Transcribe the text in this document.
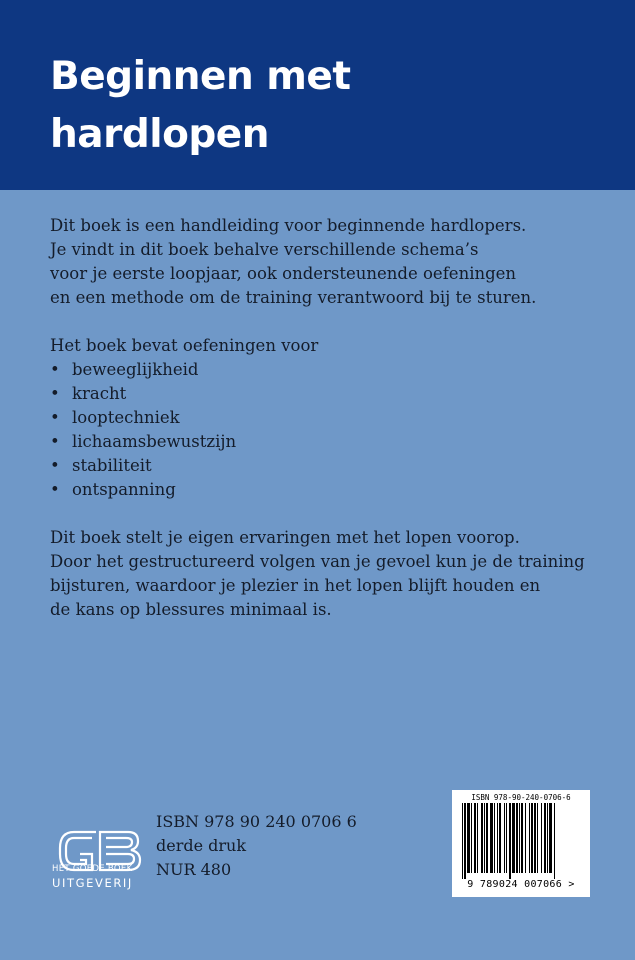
Beginnen met
hardlopen

Dit boek is een handleiding voor beginnende hardlopers.
Je vindt in dit boek behalve verschillende schema’s
voor je eerste loopjaar, ook ondersteunende oefeningen
en een methode om de training verantwoord bij te sturen.

Het boek bevat oefeningen voor

• beweeglijkheid
• kracht
• looptechniek
• lichaamsbewustzijn
• stabiliteit
• ontspanning

Dit boek stelt je eigen ervaringen met het lopen voorop.
Door het gestructureerd volgen van je gevoel kun je de training
bijsturen, waardoor je plezier in het lopen blijft houden en
de kans op blessures minimaal is.

HET GOEDE BOEK
UITGEVERIJ
ISBN 978 90 240 0706 6
derde druk
NUR 480
ISBN 978-90-240-0706-6
9 789024 007066 >
